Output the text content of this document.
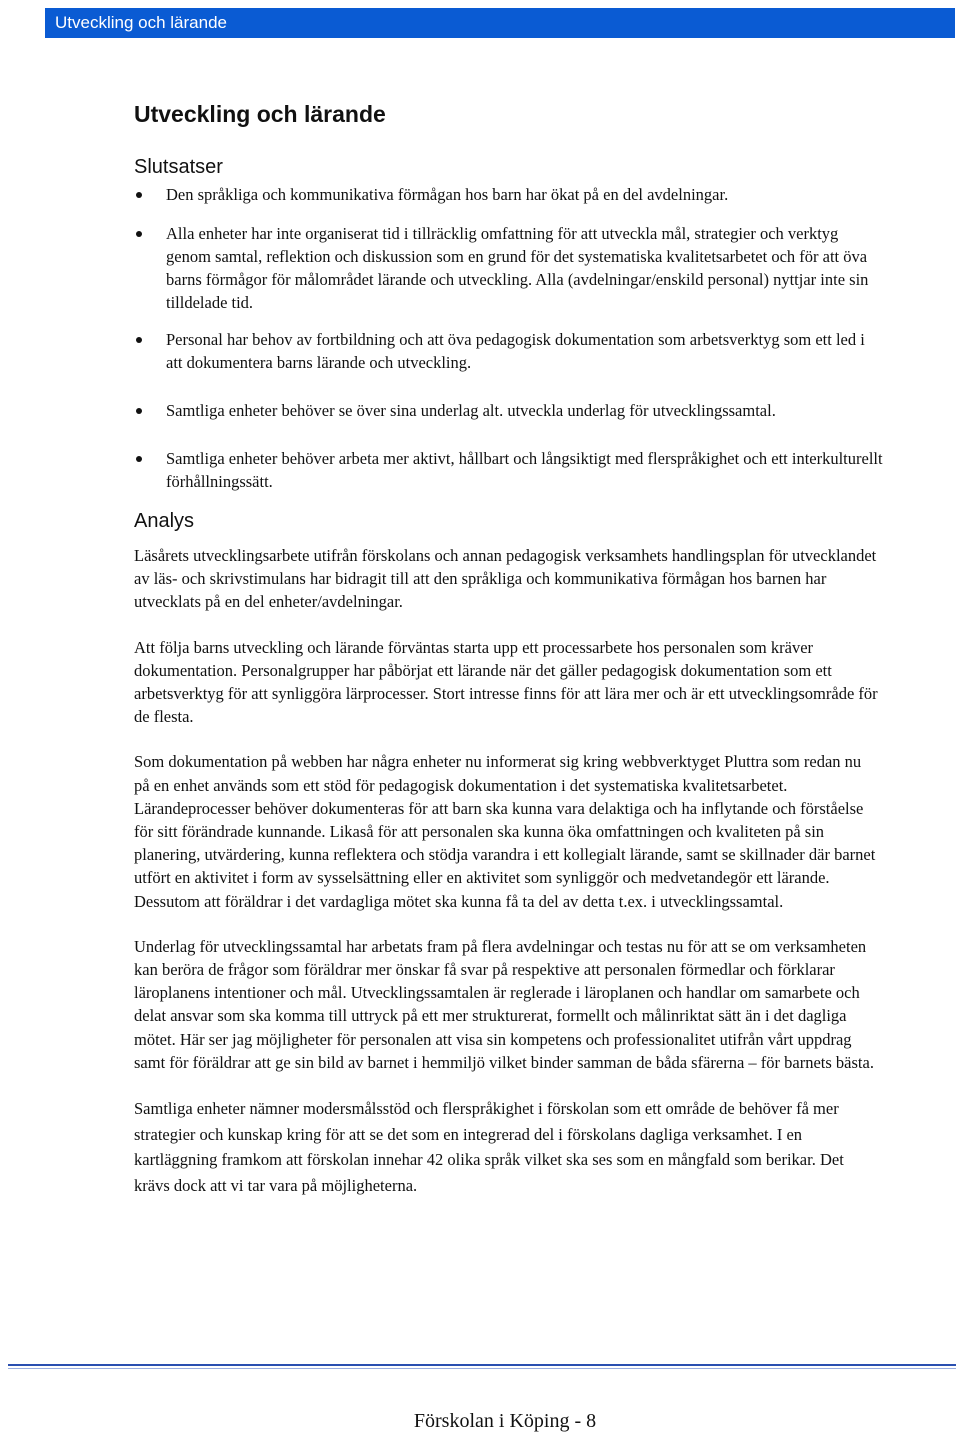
Utveckling och lärande
Utveckling och lärande
Slutsatser
Den språkliga och kommunikativa förmågan hos barn har ökat på en del avdelningar.
Alla enheter har inte organiserat tid i tillräcklig omfattning för att utveckla mål, strategier och verktyg genom samtal, reflektion och diskussion som en grund för det systematiska kvalitetsarbetet och för att öva barns förmågor för målområdet lärande och utveckling. Alla (avdelningar/enskild personal) nyttjar inte sin tilldelade tid.
Personal har behov av fortbildning och att öva pedagogisk dokumentation som arbetsverktyg som ett led i att dokumentera barns lärande och utveckling.
Samtliga enheter behöver se över sina underlag alt. utveckla underlag för utvecklingssamtal.
Samtliga enheter behöver arbeta mer aktivt, hållbart och långsiktigt med flerspråkighet och ett interkulturellt förhållningssätt.
Analys

Läsårets utvecklingsarbete utifrån förskolans och annan pedagogisk verksamhets handlingsplan för utvecklandet av läs- och skrivstimulans har bidragit till att den språkliga och kommunikativa förmågan hos barnen har utvecklats på en del enheter/avdelningar.

Att följa barns utveckling och lärande förväntas starta upp ett processarbete hos personalen som kräver dokumentation. Personalgrupper har påbörjat ett lärande när det gäller pedagogisk dokumentation som ett arbetsverktyg för att synliggöra lärprocesser. Stort intresse finns för att lära mer och är ett utvecklingsområde för de flesta.

Som dokumentation på webben har några enheter nu informerat sig kring webbverktyget Pluttra som redan nu på en enhet används som ett stöd för pedagogisk dokumentation i det systematiska kvalitetsarbetet.

Lärandeprocesser behöver dokumenteras för att barn ska kunna vara delaktiga och ha inflytande och förståelse för sitt förändrade kunnande. Likaså för att personalen ska kunna öka omfattningen och kvaliteten på sin planering, utvärdering, kunna reflektera och stödja varandra i ett kollegialt lärande, samt se skillnader där barnet utfört en aktivitet i form av sysselsättning eller en aktivitet som synliggör och medvetandegör ett lärande. Dessutom att föräldrar i det vardagliga mötet ska kunna få ta del av detta t.ex. i utvecklingssamtal.

Underlag för utvecklingssamtal har arbetats fram på flera avdelningar och testas nu för att se om verksamheten kan beröra de frågor som föräldrar mer önskar få svar på respektive att personalen förmedlar och förklarar läroplanens intentioner och mål. Utvecklingssamtalen är reglerade i läroplanen och handlar om samarbete och delat ansvar som ska komma till uttryck på ett mer strukturerat, formellt och målinriktat sätt än i det dagliga mötet. Här ser jag möjligheter för personalen att visa sin kompetens och professionalitet utifrån vårt uppdrag samt för föräldrar att ge sin bild av barnet i hemmiljö vilket binder samman de båda sfärerna – för barnets bästa.

Samtliga enheter nämner modersmålsstöd och flerspråkighet i förskolan som ett område de behöver få mer strategier och kunskap kring för att se det som en integrerad del i förskolans dagliga verksamhet. I en kartläggning framkom att förskolan innehar 42 olika språk vilket ska ses som en mångfald som berikar. Det krävs dock att vi tar vara på möjligheterna.

Förskolan i Köping - 8
